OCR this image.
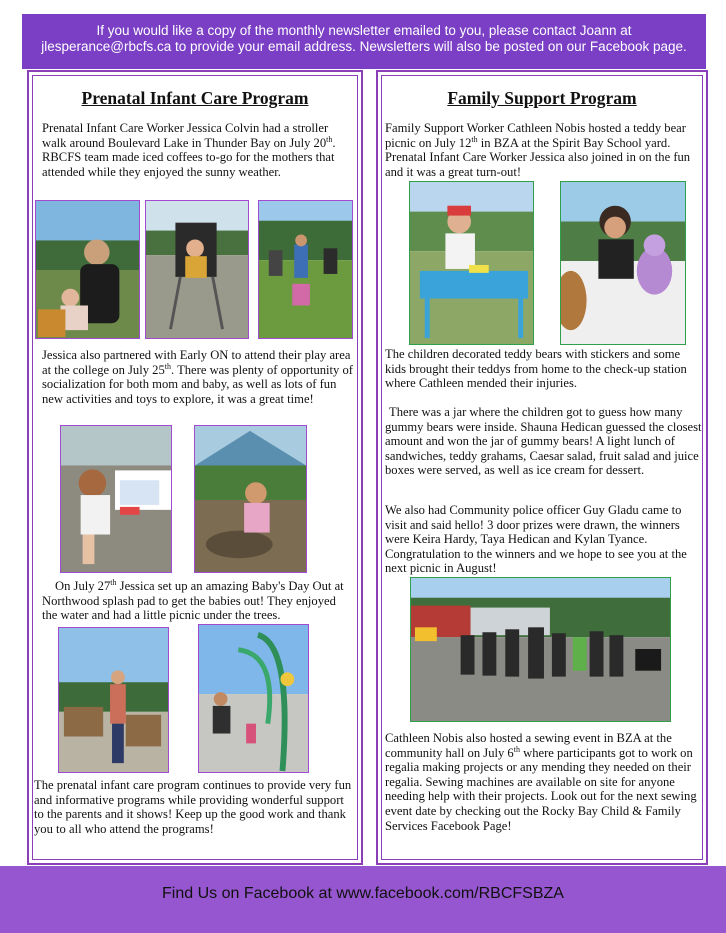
If you would like a copy of the monthly newsletter emailed to you, please contact Joann at jlesperance@rbcfs.ca to provide your email address. Newsletters will also be posted on our Facebook page.
Prenatal Infant Care Program
Prenatal Infant Care Worker Jessica Colvin had a stroller walk around Boulevard Lake in Thunder Bay on July 20th. RBCFS team made iced coffees to-go for the mothers that attended while they enjoyed the sunny weather.
Jessica also partnered with Early ON to attend their play area at the college on July 25th. There was plenty of opportunity of socialization for both mom and baby, as well as lots of fun new activities and toys to explore, it was a great time!
On July 27th Jessica set up an amazing Baby's Day Out at Northwood splash pad to get the babies out! They enjoyed the water and had a little picnic under the trees.
The prenatal infant care program continues to provide very fun and informative programs while providing wonderful support to the parents and it shows! Keep up the good work and thank you to all who attend the programs!
Family Support Program
Family Support Worker Cathleen Nobis hosted a teddy bear picnic on July 12th in BZA at the Spirit Bay School yard. Prenatal Infant Care Worker Jessica also joined in on the fun and it was a great turn-out!
The children decorated teddy bears with stickers and some kids brought their teddys from home to the check-up station where Cathleen mended their injuries.
There was a jar where the children got to guess how many gummy bears were inside. Shauna Hedican guessed the closest amount and won the jar of gummy bears! A light lunch of sandwiches, teddy grahams, Caesar salad, fruit salad and juice boxes were served, as well as ice cream for dessert.
We also had Community police officer Guy Gladu came to visit and said hello! 3 door prizes were drawn, the winners were Keira Hardy, Taya Hedican and Kylan Tyance. Congratulation to the winners and we hope to see you at the next picnic in August!
Cathleen Nobis also hosted a sewing event in BZA at the community hall on July 6th where participants got to work on regalia making projects or any mending they needed on their regalia. Sewing machines are available on site for anyone needing help with their projects. Look out for the next sewing event date by checking out the Rocky Bay Child & Family Services Facebook Page!
Find Us on Facebook at www.facebook.com/RBCFSBZA
